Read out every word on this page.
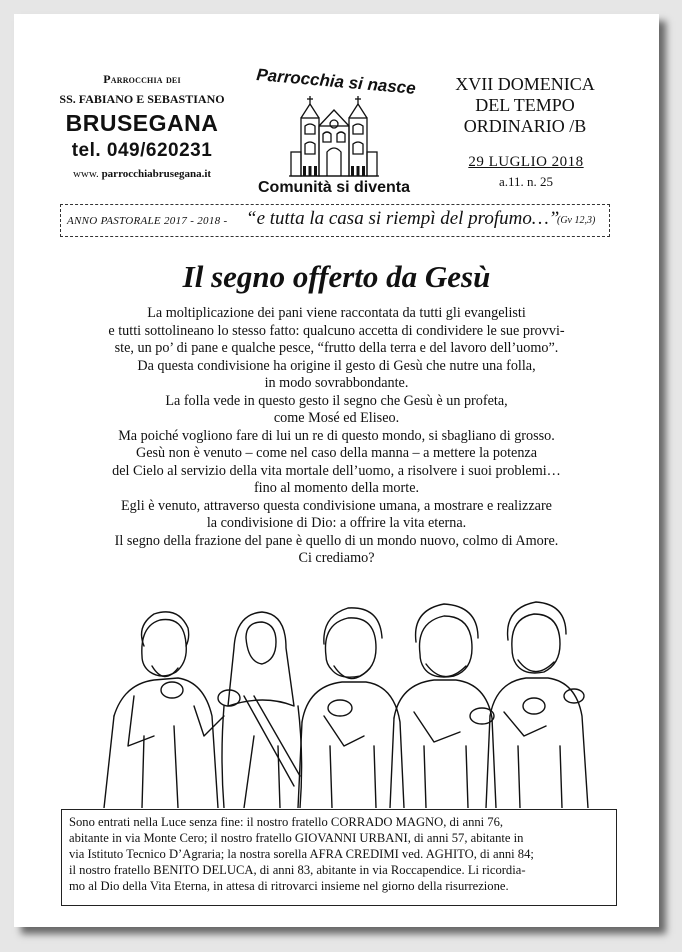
Parrocchia dei
SS. FABIANO E SEBASTIANO
BRUSEGANA
tel. 049/620231
www. parrocchiabrusegana.it
Parrocchia si nasce
Comunità si diventa
XVII DOMENICA
DEL TEMPO
ORDINARIO /B
29 LUGLIO 2018
a.11. n. 25
ANNO PASTORALE 2017 - 2018 - “e tutta la casa si riempì del profumo…”
(Gv 12,3)
Il segno offerto da Gesù

La moltiplicazione dei pani viene raccontata da tutti gli evangelisti
e tutti sottolineano lo stesso fatto: qualcuno accetta di condividere le sue provvi-
ste, un po’ di pane e qualche pesce, “frutto della terra e del lavoro dell’uomo”.
Da questa condivisione ha origine il gesto di Gesù che nutre una folla,
in modo sovrabbondante.
La folla vede in questo gesto il segno che Gesù è un profeta,
come Mosé ed Eliseo.
Ma poiché vogliono fare di lui un re di questo mondo, si sbagliano di grosso.
Gesù non è venuto – come nel caso della manna – a mettere la potenza
del Cielo al servizio della vita mortale dell’uomo, a risolvere i suoi problemi…
fino al momento della morte.
Egli è venuto, attraverso questa condivisione umana, a mostrare e realizzare
la condivisione di Dio: a offrire la vita eterna.
Il segno della frazione del pane è quello di un mondo nuovo, colmo di Amore.
Ci crediamo?

Sono entrati nella Luce senza fine: il nostro fratello CORRADO MAGNO, di anni 76,
abitante in via Monte Cero; il nostro fratello GIOVANNI URBANI, di anni 57, abitante in
via Istituto Tecnico D’Agraria; la nostra sorella AFRA CREDIMI ved. AGHITO, di anni 84;
il nostro fratello BENITO DELUCA, di anni 83, abitante in via Roccapendice. Li ricordia-
mo al Dio della Vita Eterna, in attesa di ritrovarci insieme nel giorno della risurrezione.
